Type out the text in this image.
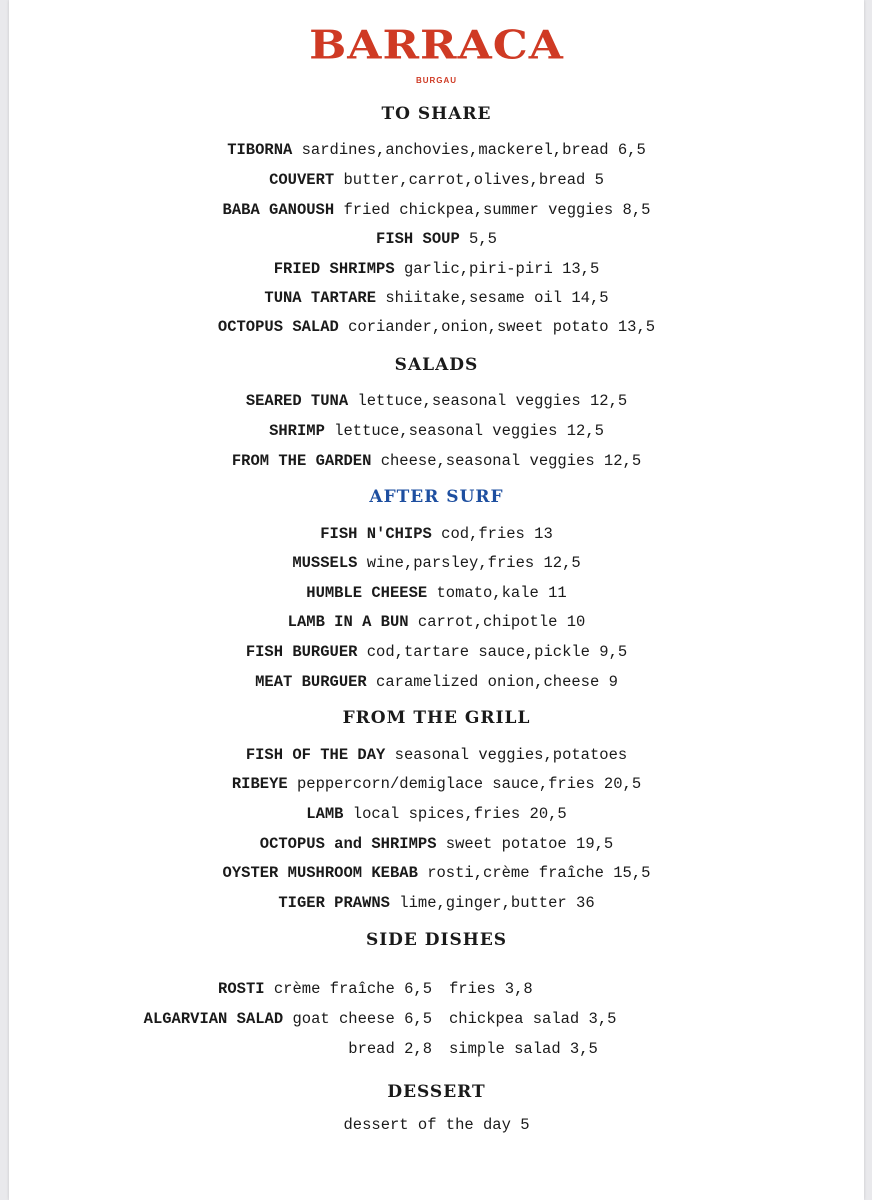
BARRACA
BURGAU
TO SHARE
TIBORNA sardines,anchovies,mackerel,bread 6,5
COUVERT butter,carrot,olives,bread 5
BABA GANOUSH fried chickpea,summer veggies 8,5
FISH SOUP 5,5
FRIED SHRIMPS garlic,piri-piri 13,5
TUNA TARTARE shiitake,sesame oil 14,5
OCTOPUS SALAD coriander,onion,sweet potato 13,5
SALADS
SEARED TUNA lettuce,seasonal veggies 12,5
SHRIMP lettuce,seasonal veggies 12,5
FROM THE GARDEN cheese,seasonal veggies 12,5
AFTER SURF
FISH N'CHIPS cod,fries 13
MUSSELS wine,parsley,fries 12,5
HUMBLE CHEESE tomato,kale 11
LAMB IN A BUN carrot,chipotle 10
FISH BURGUER cod,tartare sauce,pickle 9,5
MEAT BURGUER caramelized onion,cheese 9
FROM THE GRILL
FISH OF THE DAY seasonal veggies,potatoes
RIBEYE peppercorn/demiglace sauce,fries 20,5
LAMB local spices,fries 20,5
OCTOPUS and SHRIMPS sweet potatoe 19,5
OYSTER MUSHROOM KEBAB rosti,crème fraîche 15,5
TIGER PRAWNS lime,ginger,butter 36
SIDE DISHES
ROSTI crème fraîche 6,5
ALGARVIAN SALAD goat cheese 6,5
bread 2,8
fries 3,8
chickpea salad 3,5
simple salad 3,5
DESSERT
dessert of the day 5
